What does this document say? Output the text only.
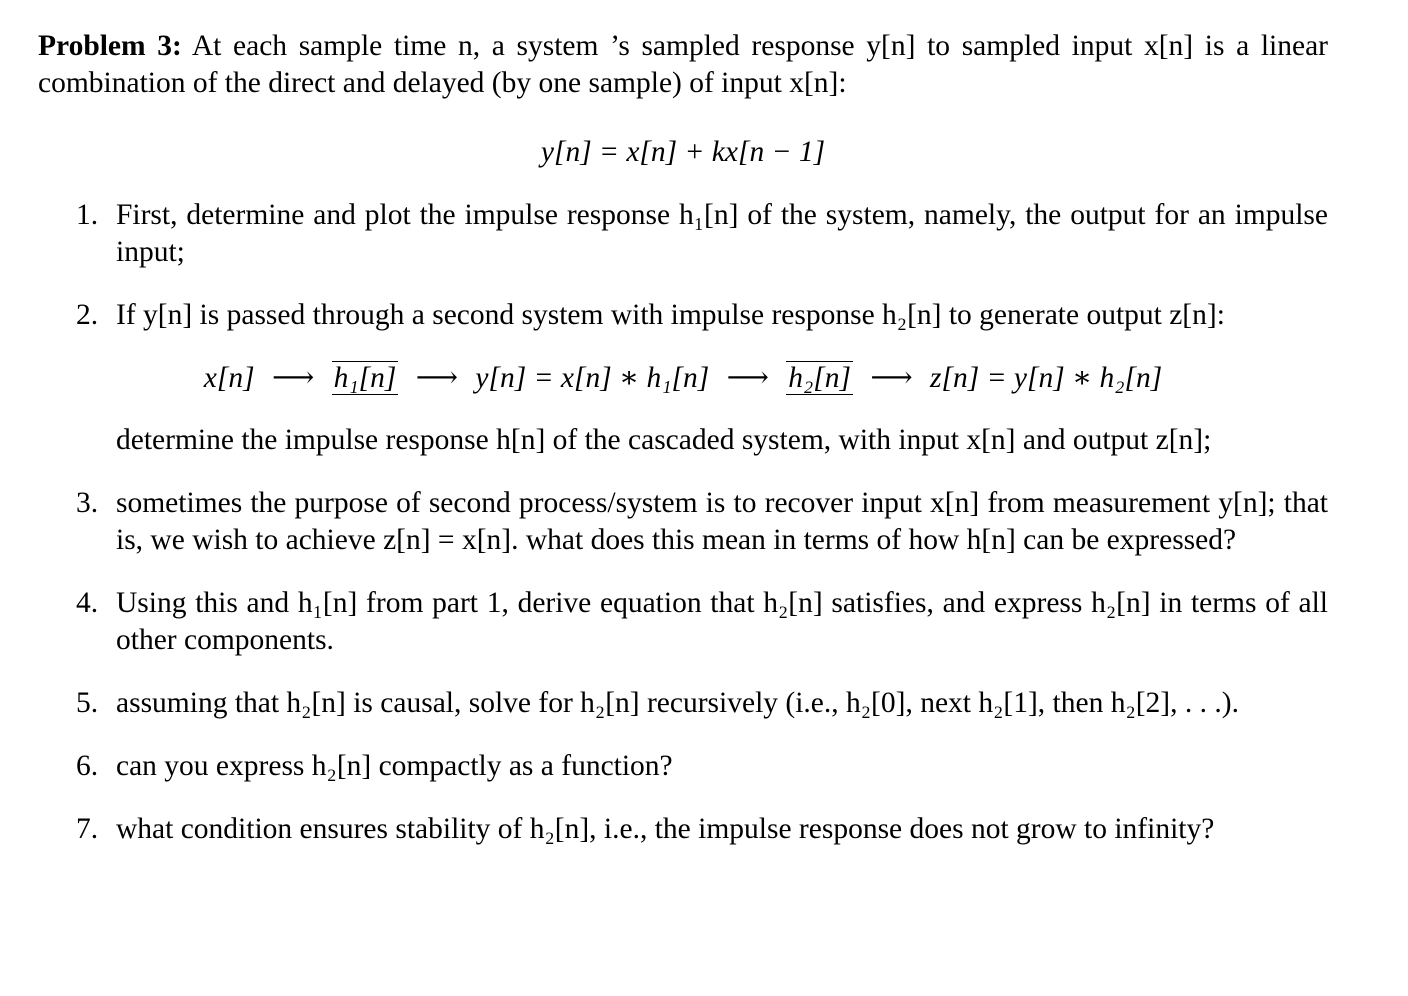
Problem 3: At each sample time n, a system ’s sampled response y[n] to sampled input x[n] is a linear combination of the direct and delayed (by one sample) of input x[n]:

y[n] = x[n] + kx[n − 1]
1. First, determine and plot the impulse response h₁[n] of the system, namely, the output for an impulse input;
2. If y[n] is passed through a second system with impulse response h₂[n] to generate output z[n]:
x[n] ⟶ h₁[n] ⟶ y[n] = x[n] ∗ h₁[n] ⟶ h₂[n] ⟶ z[n] = y[n] ∗ h₂[n]
determine the impulse response h[n] of the cascaded system, with input x[n] and output z[n];
3. sometimes the purpose of second process/system is to recover input x[n] from measurement y[n]; that is, we wish to achieve z[n] = x[n]. what does this mean in terms of how h[n] can be expressed?
4. Using this and h₁[n] from part 1, derive equation that h₂[n] satisfies, and express h₂[n] in terms of all other components.
5. assuming that h₂[n] is causal, solve for h₂[n] recursively (i.e., h₂[0], next h₂[1], then h₂[2], . . .).
6. can you express h₂[n] compactly as a function?
7. what condition ensures stability of h₂[n], i.e., the impulse response does not grow to infinity?
